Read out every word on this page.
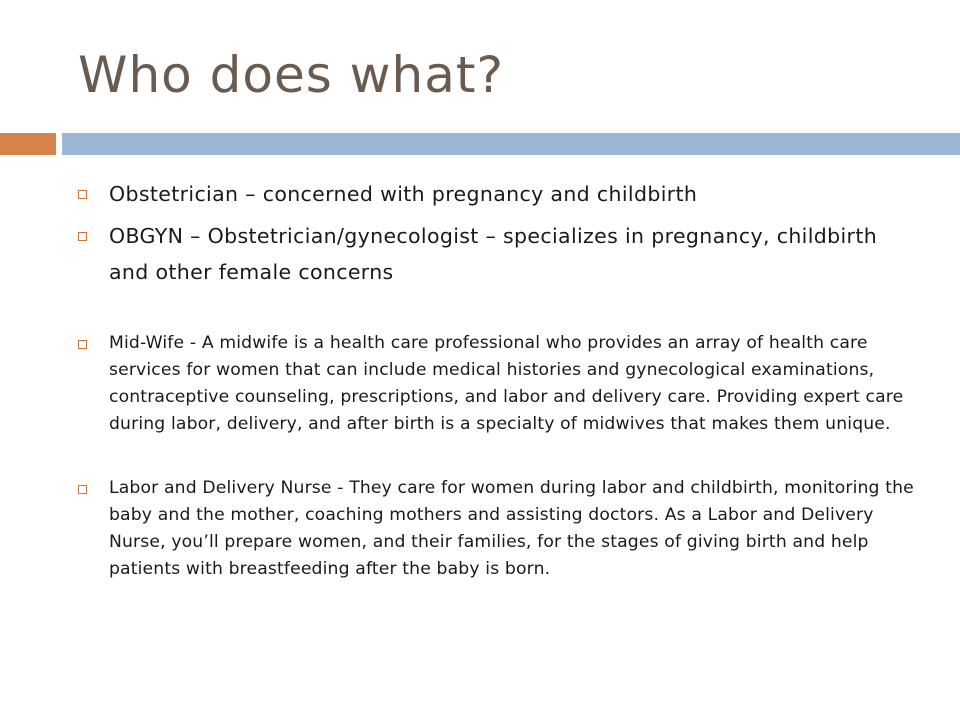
Who does what?
Obstetrician – concerned with pregnancy and childbirth
OBGYN – Obstetrician/gynecologist – specializes in pregnancy, childbirth and other female concerns
Mid-Wife - A midwife is a health care professional who provides an array of health care services for women that can include medical histories and gynecological examinations, contraceptive counseling, prescriptions, and labor and delivery care. Providing expert care during labor, delivery, and after birth is a specialty of midwives that makes them unique.
Labor and Delivery Nurse - They care for women during labor and childbirth, monitoring the baby and the mother, coaching mothers and assisting doctors. As a Labor and Delivery Nurse, you’ll prepare women, and their families, for the stages of giving birth and help patients with breastfeeding after the baby is born.
